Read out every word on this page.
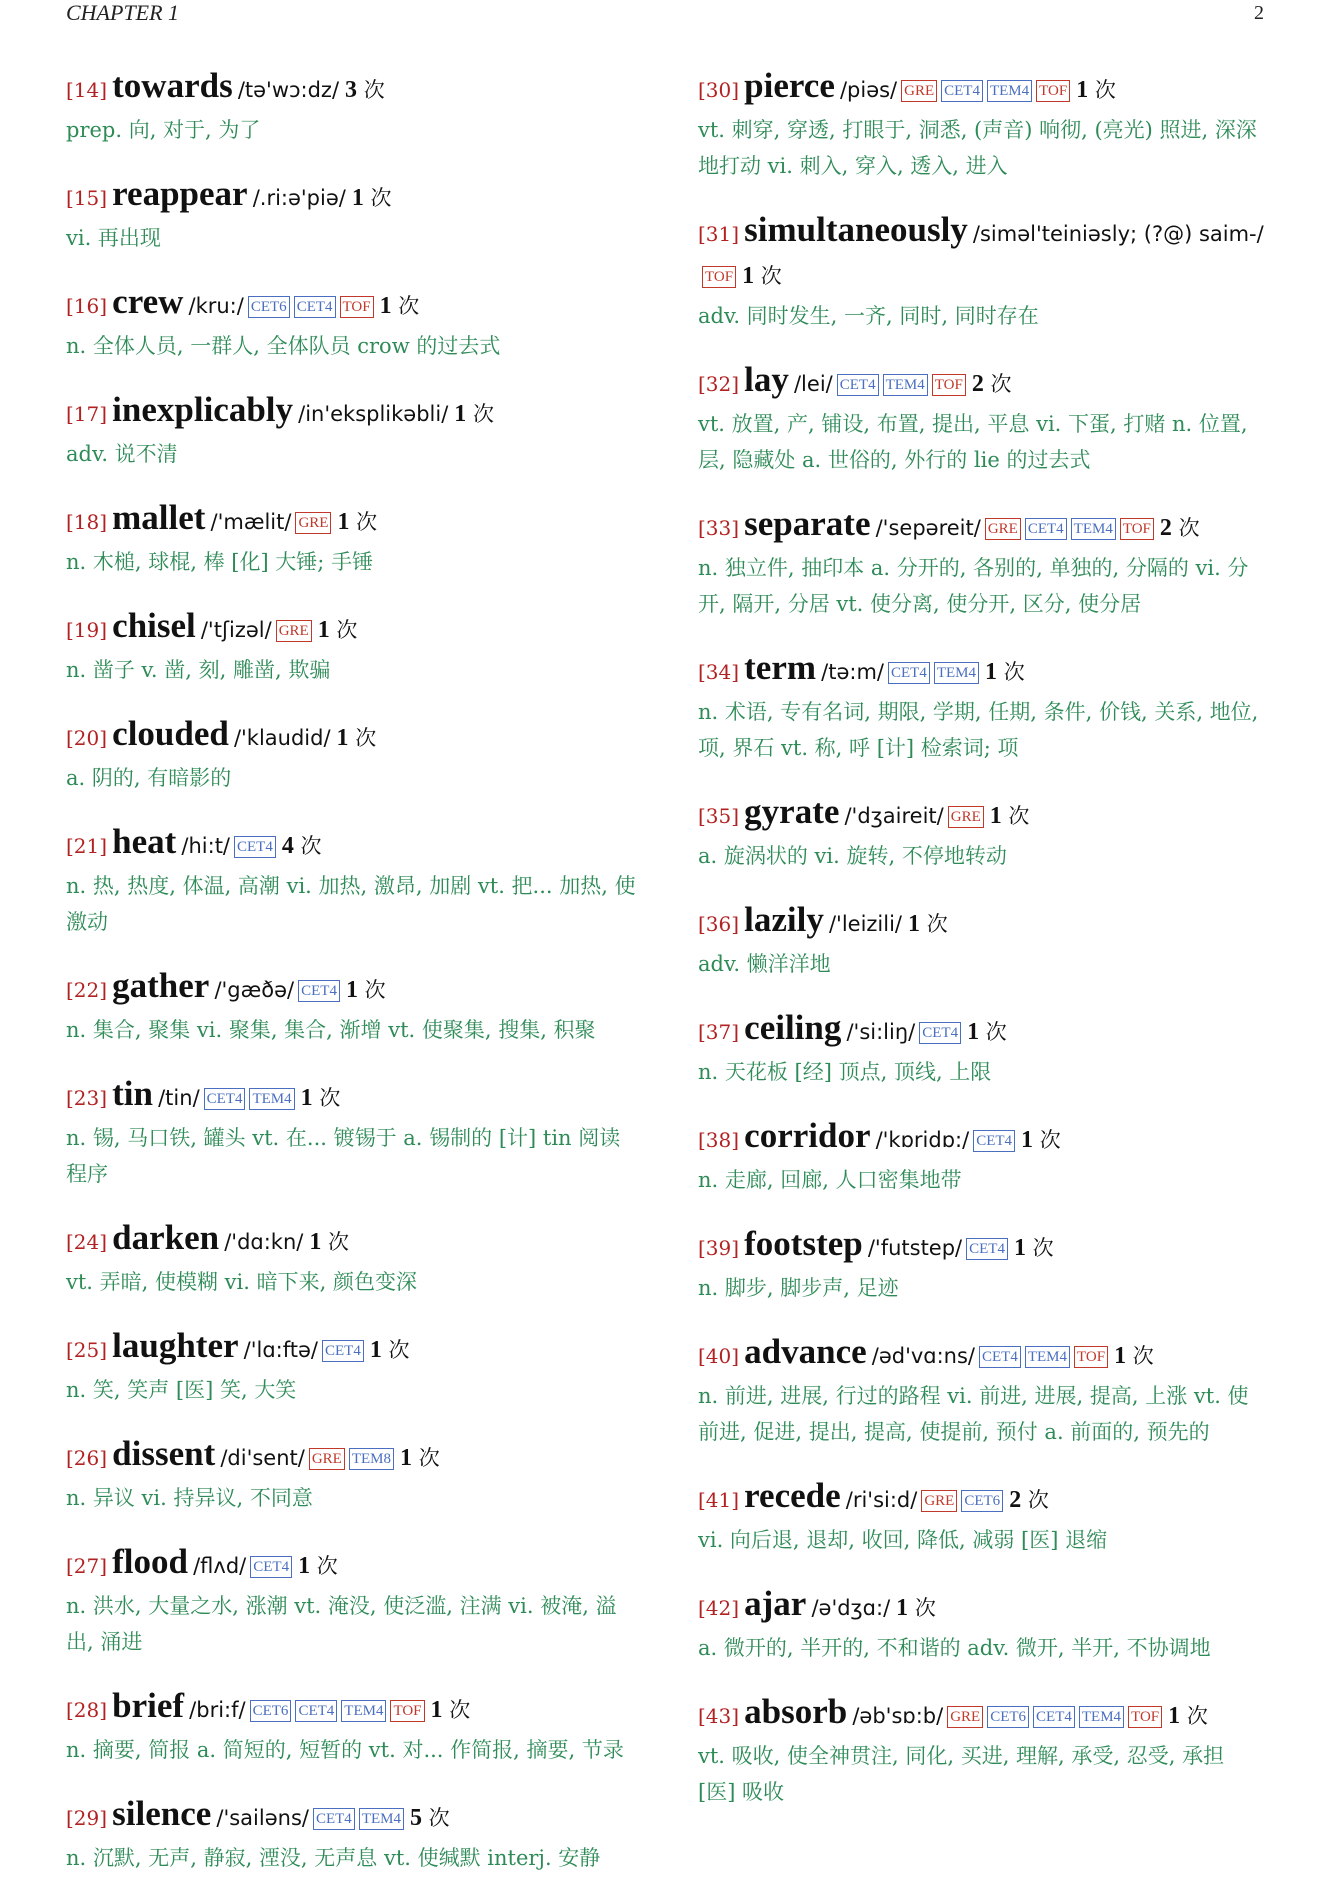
CHAPTER 1	2
[14] towards /tə'wɔ:dz/ 3 次
prep. 向, 对于, 为了
[15] reappear /.ri:ə'piə/ 1 次
vi. 再出现
[16] crew /kru:/ CET6 CET4 TOF 1 次
n. 全体人员, 一群人, 全体队员 crow 的过去式
[17] inexplicably /in'eksplikəbli/ 1 次
adv. 说不清
[18] mallet /'mælit/ GRE 1 次
n. 木槌, 球棍, 棒 [化] 大锤; 手锤
[19] chisel /'tʃizəl/ GRE 1 次
n. 凿子 v. 凿, 刻, 雕凿, 欺骗
[20] clouded /'klaudid/ 1 次
a. 阴的, 有暗影的
[21] heat /hi:t/ CET4 4 次
n. 热, 热度, 体温, 高潮 vi. 加热, 激昂, 加剧 vt. 把... 加热, 使激动
[22] gather /'gæðə/ CET4 1 次
n. 集合, 聚集 vi. 聚集, 集合, 渐增 vt. 使聚集, 搜集, 积聚
[23] tin /tin/ CET4 TEM4 1 次
n. 锡, 马口铁, 罐头 vt. 在... 镀锡于 a. 锡制的 [计] tin 阅读程序
[24] darken /'dɑ:kn/ 1 次
vt. 弄暗, 使模糊 vi. 暗下来, 颜色变深
[25] laughter /'lɑ:ftə/ CET4 1 次
n. 笑, 笑声 [医] 笑, 大笑
[26] dissent /di'sent/ GRE TEM8 1 次
n. 异议 vi. 持异议, 不同意
[27] flood /flʌd/ CET4 1 次
n. 洪水, 大量之水, 涨潮 vt. 淹没, 使泛滥, 注满 vi. 被淹, 溢出, 涌进
[28] brief /bri:f/ CET6 CET4 TEM4 TOF 1 次
n. 摘要, 简报 a. 简短的, 短暂的 vt. 对... 作简报, 摘要, 节录
[29] silence /'sailəns/ CET4 TEM4 5 次
n. 沉默, 无声, 静寂, 湮没, 无声息 vt. 使缄默 interj. 安静
[30] pierce /piəs/ GRE CET4 TEM4 TOF 1 次
vt. 刺穿, 穿透, 打眼于, 洞悉, (声音) 响彻, (亮光) 照进, 深深地打动 vi. 刺入, 穿入, 透入, 进入
[31] simultaneously /siməl'teiniəsly; (?@) saim-/TOF 1 次
adv. 同时发生, 一齐, 同时, 同时存在
[32] lay /lei/ CET4 TEM4 TOF 2 次
vt. 放置, 产, 铺设, 布置, 提出, 平息 vi. 下蛋, 打赌 n. 位置, 层, 隐藏处 a. 世俗的, 外行的 lie 的过去式
[33] separate /'sepəreit/ GRE CET4 TEM4 TOF 2 次
n. 独立件, 抽印本 a. 分开的, 各别的, 单独的, 分隔的 vi. 分开, 隔开, 分居 vt. 使分离, 使分开, 区分, 使分居
[34] term /tə:m/ CET4 TEM4 1 次
n. 术语, 专有名词, 期限, 学期, 任期, 条件, 价钱, 关系, 地位, 项, 界石 vt. 称, 呼 [计] 检索词; 项
[35] gyrate /'dʒaireit/ GRE 1 次
a. 旋涡状的 vi. 旋转, 不停地转动
[36] lazily /'leizili/ 1 次
adv. 懒洋洋地
[37] ceiling /'si:liŋ/ CET4 1 次
n. 天花板 [经] 顶点, 顶线, 上限
[38] corridor /'kɒridɒ:/ CET4 1 次
n. 走廊, 回廊, 人口密集地带
[39] footstep /'futstep/ CET4 1 次
n. 脚步, 脚步声, 足迹
[40] advance /əd'vɑ:ns/ CET4 TEM4 TOF 1 次
n. 前进, 进展, 行过的路程 vi. 前进, 进展, 提高, 上涨 vt. 使前进, 促进, 提出, 提高, 使提前, 预付 a. 前面的, 预先的
[41] recede /ri'si:d/ GRE CET6 2 次
vi. 向后退, 退却, 收回, 降低, 减弱 [医] 退缩
[42] ajar /ə'dʒɑ:/ 1 次
a. 微开的, 半开的, 不和谐的 adv. 微开, 半开, 不协调地
[43] absorb /əb'sɒ:b/ GRE CET6 CET4 TEM4 TOF 1 次
vt. 吸收, 使全神贯注, 同化, 买进, 理解, 承受, 忍受, 承担 [医] 吸收
